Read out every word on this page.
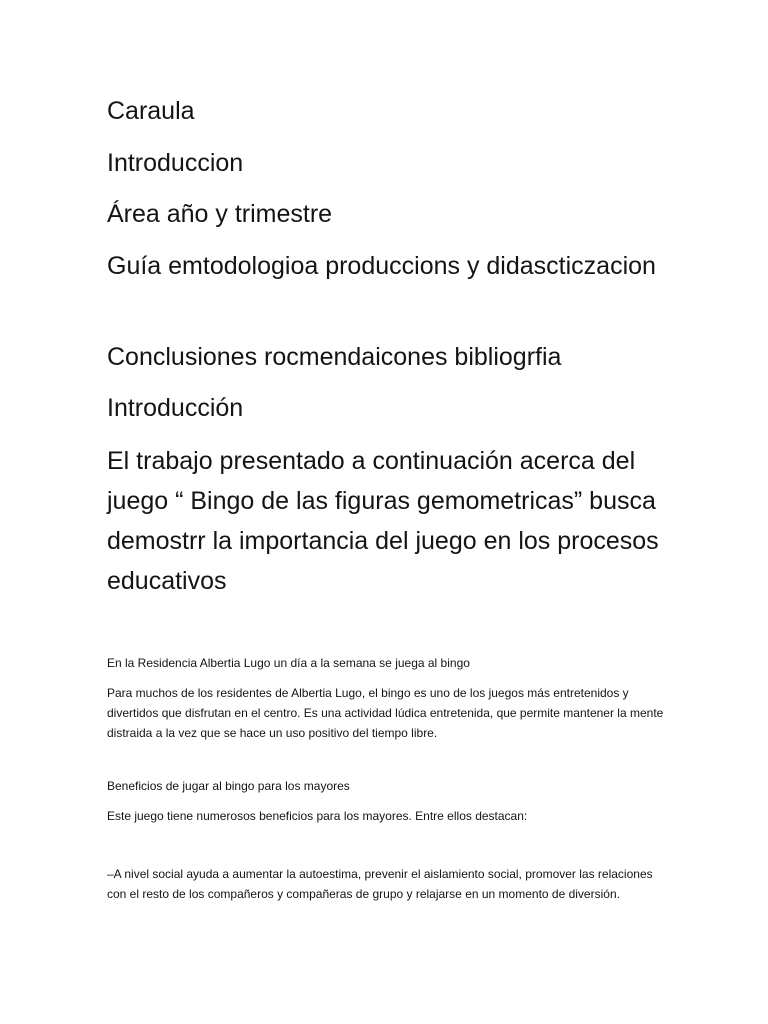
Caraula

Introduccion

Área año y trimestre

Guía emtodologioa produccions y didascticzacion

Conclusiones rocmendaicones bibliogrfia

Introducción

El trabajo presentado a continuación acerca del juego “ Bingo de las figuras gemometricas” busca demostrr la importancia del juego en los procesos educativos

En la Residencia Albertia Lugo un día a la semana se juega al bingo

Para muchos de los residentes de Albertia Lugo, el bingo es uno de los juegos más entretenidos y divertidos que disfrutan en el centro. Es una actividad lúdica entretenida, que permite mantener la mente distraida a la vez que se hace un uso positivo del tiempo libre.

Beneficios de jugar al bingo para los mayores

Este juego tiene numerosos beneficios para los mayores. Entre ellos destacan:

–A nivel social ayuda a aumentar la autoestima, prevenir el aislamiento social, promover las relaciones con el resto de los compañeros y compañeras de grupo y relajarse en un momento de diversión.
